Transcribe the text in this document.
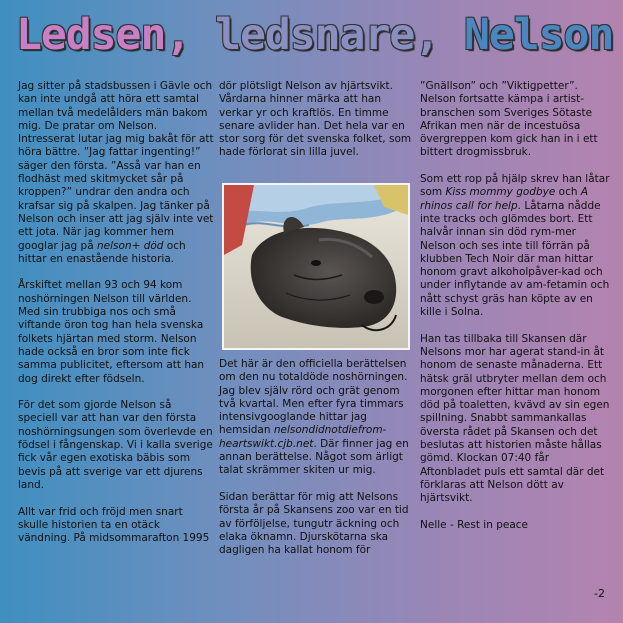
Ledsen, ledsnare, Nelson

Jag sitter på stadsbussen i Gävle och kan inte undgå att höra ett samtal mellan två medelålders män bakom mig. De pratar om Nelson. Intresserat lutar jag mig bakåt för att höra bättre. ”Jag fattar ingenting!” säger den första. ”Asså var han en flodhäst med skitmycket sår på kroppen?” undrar den andra och krafsar sig på skalpen. Jag tänker på Nelson och inser att jag själv inte vet ett jota. När jag kommer hem googlar jag på nelson+ död och hittar en enastående historia.

Årskiftet mellan 93 och 94 kom noshörningen Nelson till världen. Med sin trubbiga nos och små viftande öron tog han hela svenska folkets hjärtan med storm. Nelson hade också en bror som inte fick samma publicitet, eftersom att han dog direkt efter födseln.

För det som gjorde Nelson så speciell var att han var den första noshörningsungen som överlevde en födsel i fångenskap. Vi i kalla sverige fick vår egen exotiska bäbis som bevis på att sverige var ett djurens land.

Allt var frid och fröjd men snart skulle historien ta en otäck vändning. På midsommarafton 1995

dör plötsligt Nelson av hjärtsvikt. Vårdarna hinner märka att han verkar yr och kraftlös. En timme senare avlider han. Det hela var en stor sorg för det svenska folket, som hade förlorat sin lilla juvel.

Det här är den officiella berättelsen om den nu totaldöde noshörningen. Jag blev själv rörd och grät genom två kvartal. Men efter fyra timmars intensivgooglande hittar jag hemsidan nelsondidnotdiefrom-heartswikt.cjb.net. Där finner jag en annan berättelse. Något som ärligt talat skrämmer skiten ur mig.

Sidan berättar för mig att Nelsons första år på Skansens zoo var en tid av förföljelse, tungutr äckning och elaka öknamn. Djurskötarna ska dagligen ha kallat honom för

”Gnällson” och ”Viktigpetter”. Nelson fortsatte kämpa i artist-branschen som Sveriges Sötaste Afrikan men när de incestuösa övergreppen kom gick han in i ett bittert drogmissbruk.

Som ett rop på hjälp skrev han låtar som Kiss mommy godbye och A rhinos call for help. Låtarna nådde inte tracks och glömdes bort. Ett halvår innan sin död rym-mer Nelson och ses inte till förrän på klubben Tech Noir där man hittar honom gravt alkoholpåver-kad och under inflytande av am-fetamin och nått schyst gräs han köpte av en kille i Solna.

Han tas tillbaka till Skansen där Nelsons mor har agerat stand-in åt honom de senaste månaderna. Ett hätsk gräl utbryter mellan dem och morgonen efter hittar man honom död på toaletten, kvävd av sin egen spillning. Snabbt sammankallas översta rådet på Skansen och det beslutas att historien måste hållas gömd. Klockan 07:40 får Aftonbladet puls ett samtal där det förklaras att Nelson dött av hjärtsvikt.

Nelle - Rest in peace

-2
